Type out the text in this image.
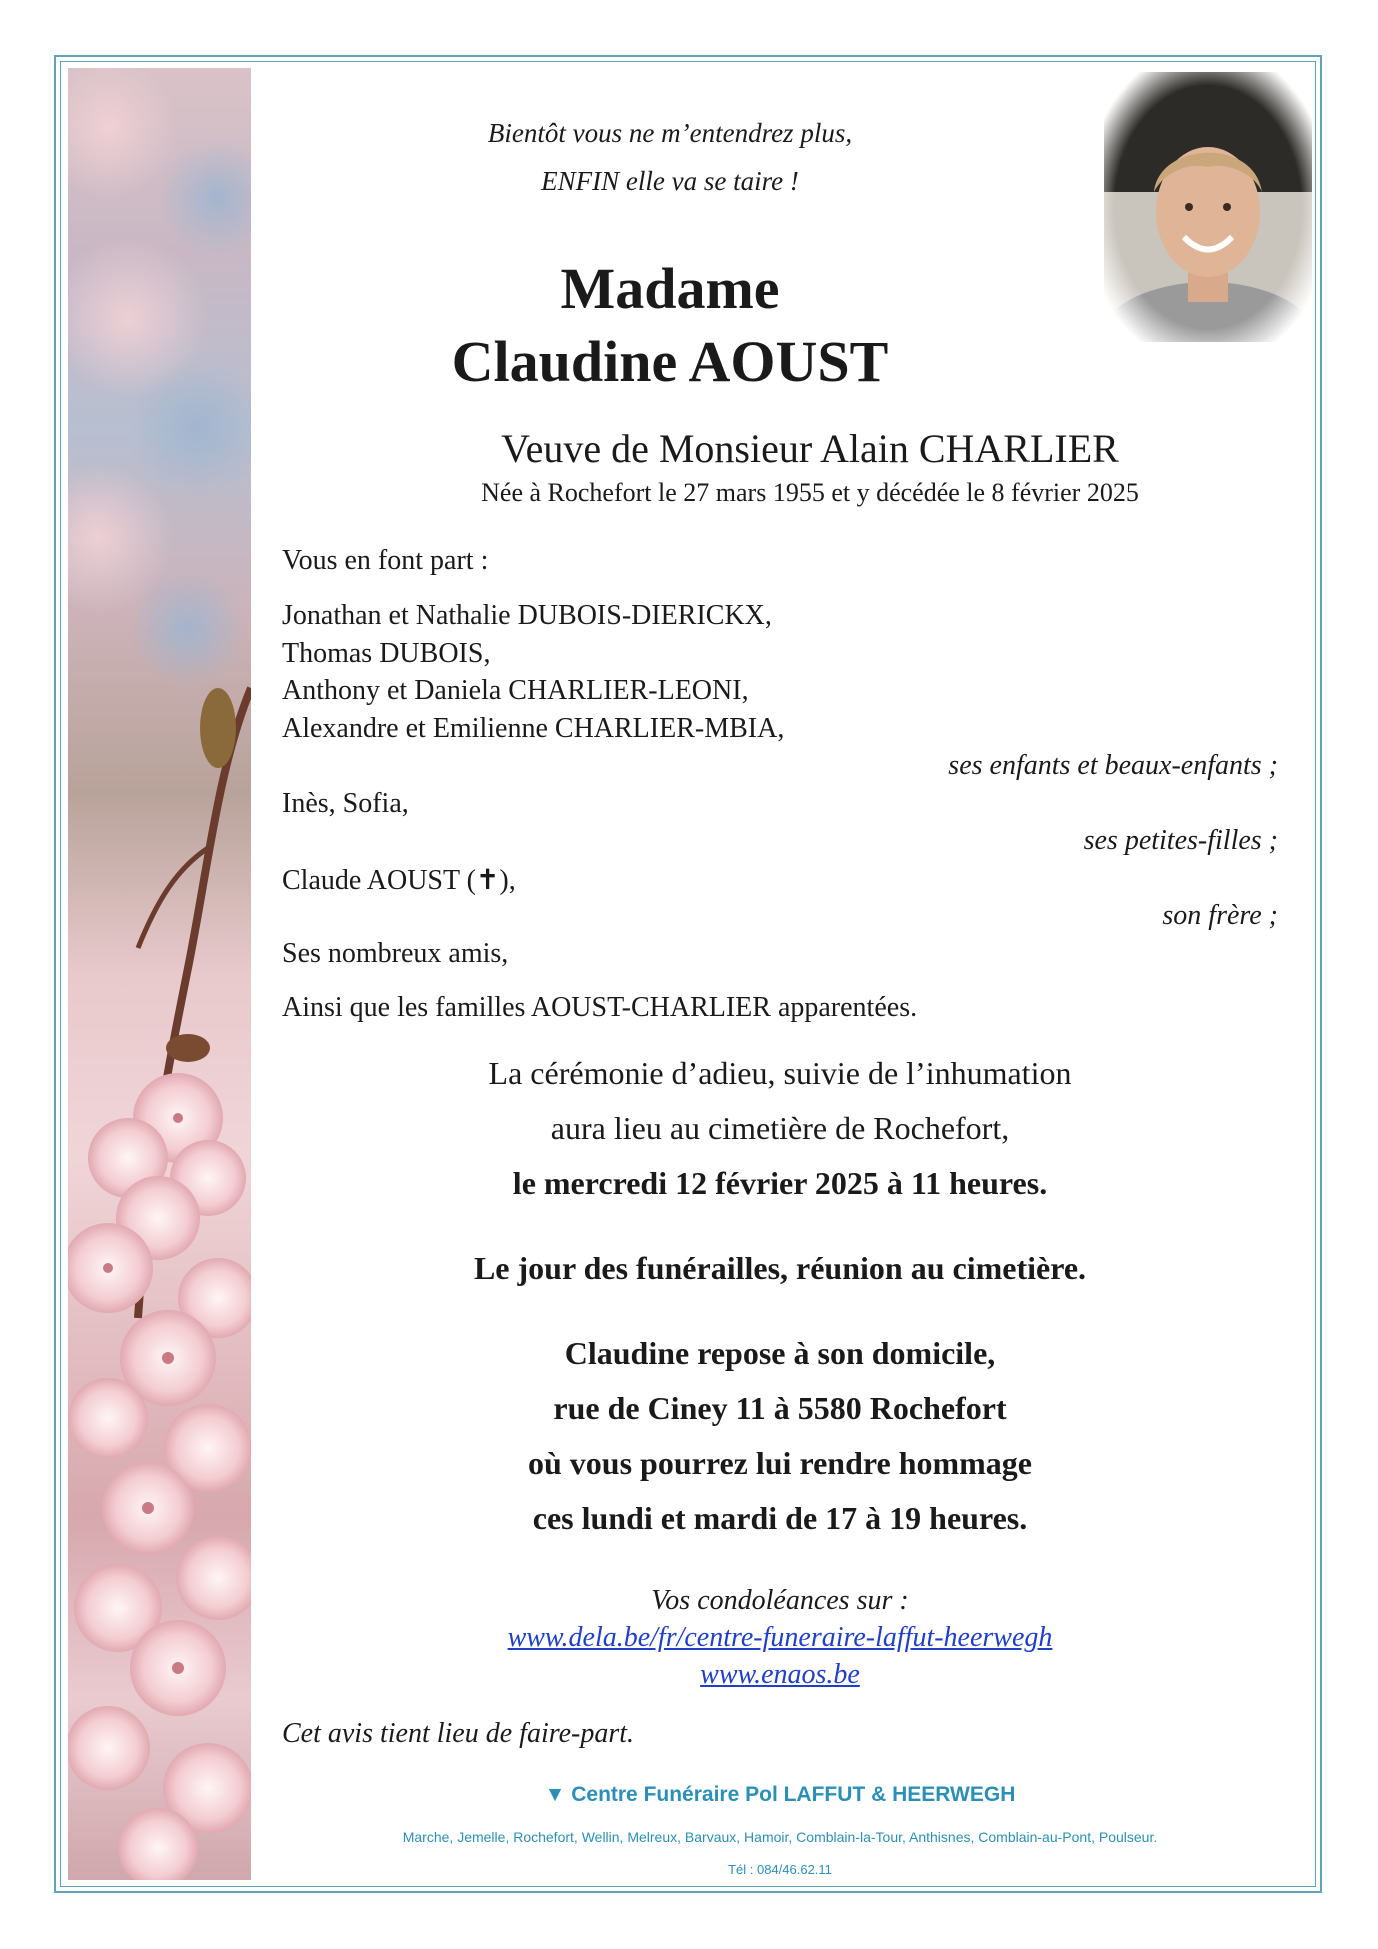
Bientôt vous ne m’entendrez plus,
ENFIN elle va se taire !
Madame
Claudine AOUST
Veuve de Monsieur Alain CHARLIER
Née à Rochefort le 27 mars 1955 et y décédée le 8 février 2025
Vous en font part :
Jonathan et Nathalie DUBOIS-DIERICKX,
Thomas DUBOIS,
Anthony et Daniela CHARLIER-LEONI,
Alexandre et Emilienne CHARLIER-MBIA,
ses enfants et beaux-enfants ;
Inès, Sofia,
ses petites-filles ;
Claude AOUST (✝),
son frère ;
Ses nombreux amis,
Ainsi que les familles AOUST-CHARLIER apparentées.
La cérémonie d’adieu, suivie de l’inhumation
aura lieu au cimetière de Rochefort,
le mercredi 12 février 2025 à 11 heures.
Le jour des funérailles, réunion au cimetière.
Claudine repose à son domicile,
rue de Ciney 11 à 5580 Rochefort
où vous pourrez lui rendre hommage
ces lundi et mardi de 17 à 19 heures.
Vos condoléances sur :
www.dela.be/fr/centre-funeraire-laffut-heerwegh
www.enaos.be
Cet avis tient lieu de faire-part.
▼ Centre Funéraire Pol LAFFUT & HEERWEGH
Marche, Jemelle, Rochefort, Wellin, Melreux, Barvaux, Hamoir, Comblain-la-Tour, Anthisnes, Comblain-au-Pont, Poulseur.
Tél : 084/46.62.11
